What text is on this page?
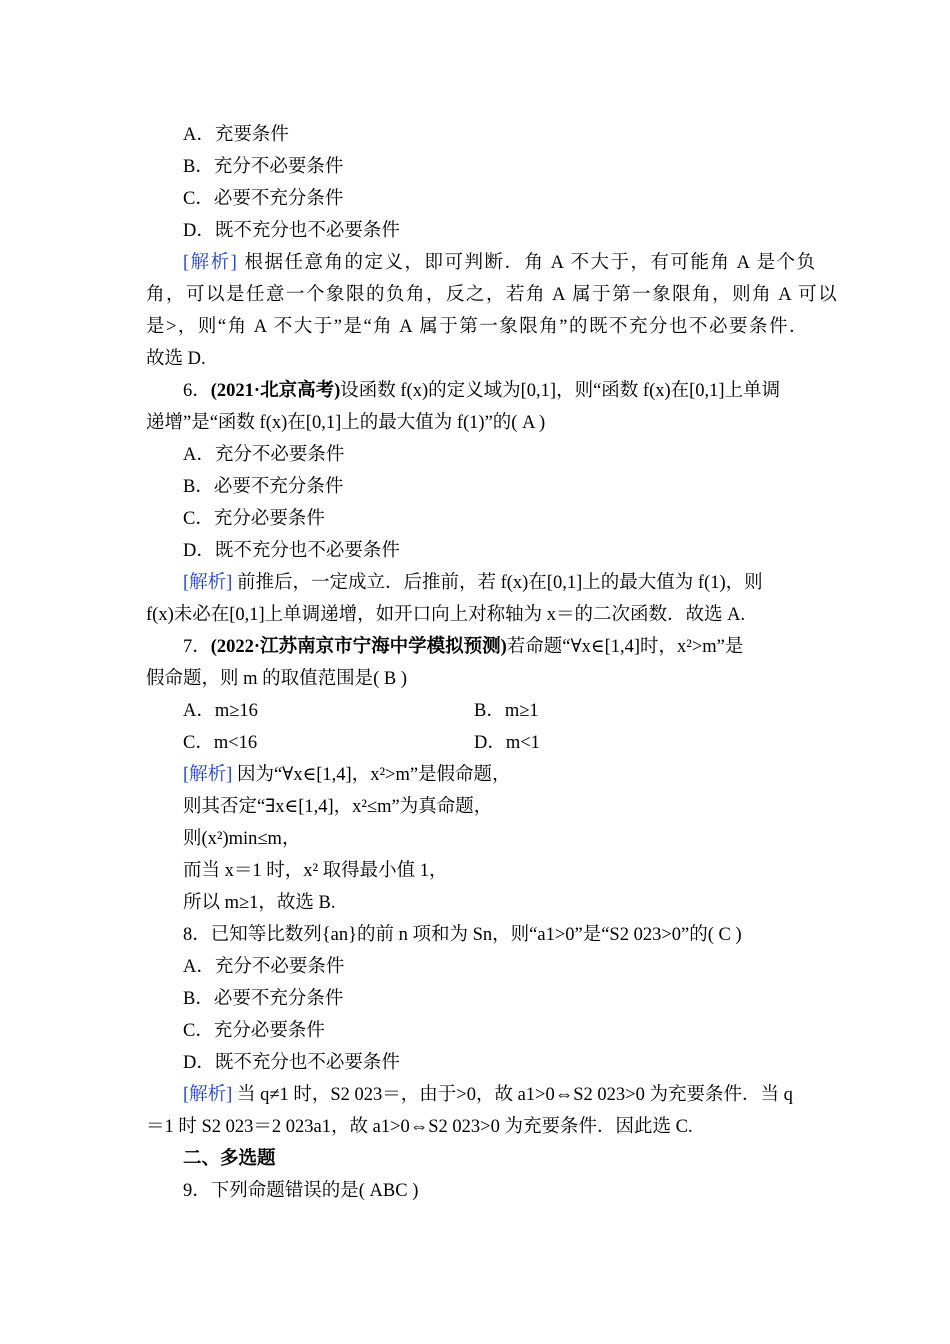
A．充要条件
B．充分不必要条件
C．必要不充分条件
D．既不充分也不必要条件
[解析] 根据任意角的定义，即可判断．角 A 不大于，有可能角 A 是个负
角，可以是任意一个象限的负角，反之，若角 A 属于第一象限角，则角 A 可以
是>，则“角 A 不大于”是“角 A 属于第一象限角”的既不充分也不必要条件．
故选 D.
6．(2021·北京高考)设函数 f(x)的定义域为[0,1]，则“函数 f(x)在[0,1]上单调
递增”是“函数 f(x)在[0,1]上的最大值为 f(1)”的( A )
A．充分不必要条件
B．必要不充分条件
C．充分必要条件
D．既不充分也不必要条件
[解析] 前推后，一定成立．后推前，若 f(x)在[0,1]上的最大值为 f(1)，则
f(x)未必在[0,1]上单调递增，如开口向上对称轴为 x＝的二次函数．故选 A.
7．(2022·江苏南京市宁海中学模拟预测)若命题“∀x∈[1,4]时，x²>m”是
假命题，则 m 的取值范围是( B )
A．m≥16	B．m≥1
C．m<16	D．m<1
[解析] 因为“∀x∈[1,4]，x²>m”是假命题，
则其否定“∃x∈[1,4]，x²≤m”为真命题，
则(x²)min≤m，
而当 x＝1 时，x² 取得最小值 1，
所以 m≥1，故选 B.
8．已知等比数列{an}的前 n 项和为 Sn，则“a1>0”是“S2 023>0”的( C )
A．充分不必要条件
B．必要不充分条件
C．充分必要条件
D．既不充分也不必要条件
[解析] 当 q≠1 时，S2 023＝，由于>0，故 a1>0⇔S2 023>0 为充要条件．当 q
＝1 时 S2 023＝2 023a1，故 a1>0⇔S2 023>0 为充要条件．因此选 C.
二、多选题
9．下列命题错误的是( ABC )
